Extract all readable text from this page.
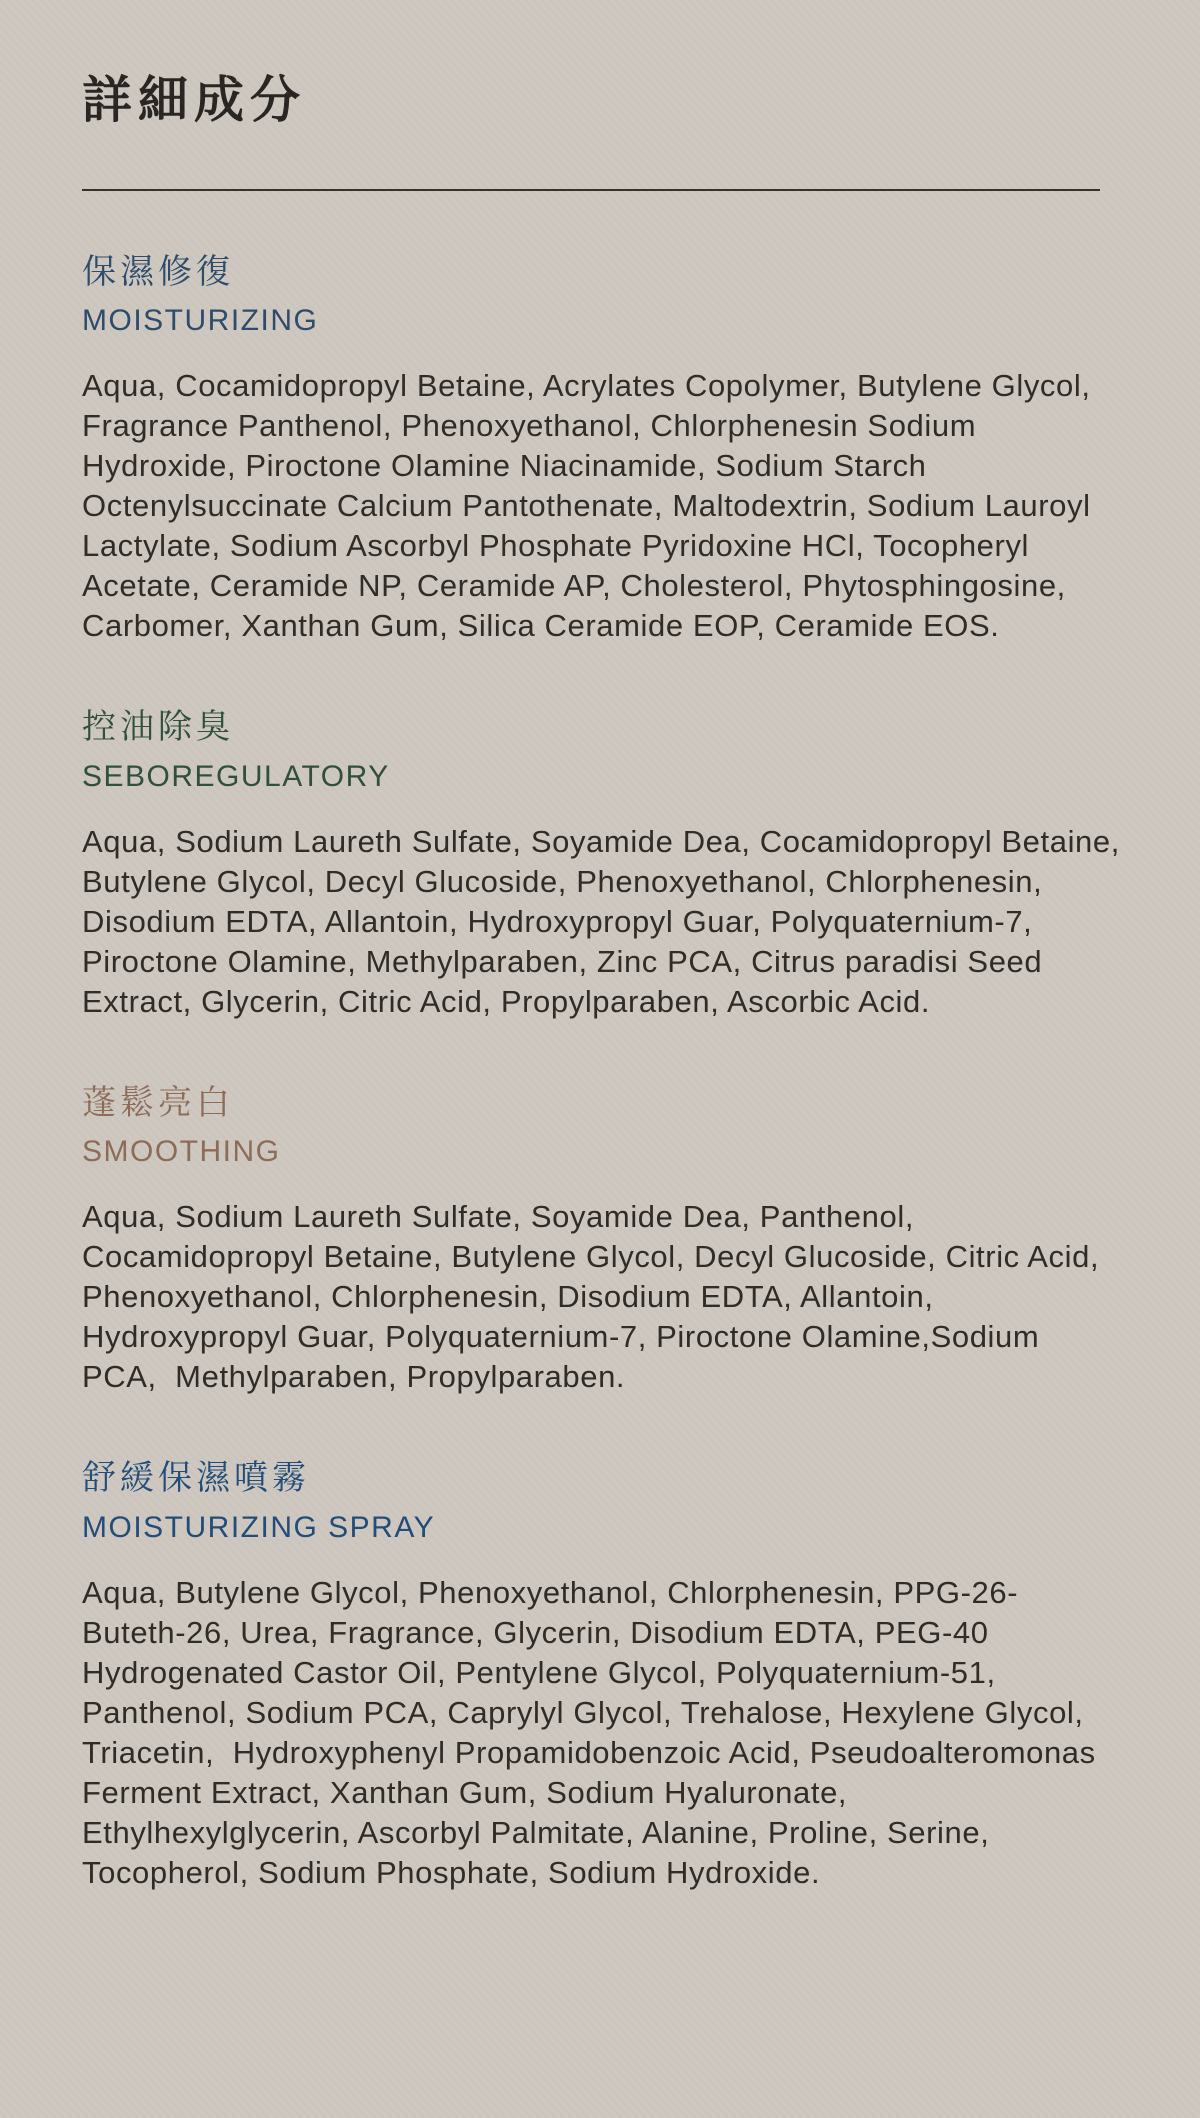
詳細成分
保濕修復
MOISTURIZING

Aqua, Cocamidopropyl Betaine, Acrylates Copolymer, Butylene Glycol, Fragrance Panthenol, Phenoxyethanol, Chlorphenesin Sodium Hydroxide, Piroctone Olamine Niacinamide, Sodium Starch Octenylsuccinate Calcium Pantothenate, Maltodextrin, Sodium Lauroyl Lactylate, Sodium Ascorbyl Phosphate Pyridoxine HCl, Tocopheryl Acetate, Ceramide NP, Ceramide AP, Cholesterol, Phytosphingosine, Carbomer, Xanthan Gum, Silica Ceramide EOP, Ceramide EOS.

控油除臭
SEBOREGULATORY

Aqua, Sodium Laureth Sulfate, Soyamide Dea, Cocamidopropyl Betaine, Butylene Glycol, Decyl Glucoside, Phenoxyethanol, Chlorphenesin, Disodium EDTA, Allantoin, Hydroxypropyl Guar, Polyquaternium-7, Piroctone Olamine, Methylparaben, Zinc PCA, Citrus paradisi Seed Extract, Glycerin, Citric Acid, Propylparaben, Ascorbic Acid.

蓬鬆亮白
SMOOTHING

Aqua, Sodium Laureth Sulfate, Soyamide Dea, Panthenol, Cocamidopropyl Betaine, Butylene Glycol, Decyl Glucoside, Citric Acid, Phenoxyethanol, Chlorphenesin, Disodium EDTA, Allantoin, Hydroxypropyl Guar, Polyquaternium-7, Piroctone Olamine,Sodium PCA,  Methylparaben, Propylparaben.

舒緩保濕噴霧
MOISTURIZING SPRAY

Aqua, Butylene Glycol, Phenoxyethanol, Chlorphenesin, PPG-26-Buteth-26, Urea, Fragrance, Glycerin, Disodium EDTA, PEG-40 Hydrogenated Castor Oil, Pentylene Glycol, Polyquaternium-51, Panthenol, Sodium PCA, Caprylyl Glycol, Trehalose, Hexylene Glycol, Triacetin,  Hydroxyphenyl Propamidobenzoic Acid, Pseudoalteromonas Ferment Extract, Xanthan Gum, Sodium Hyaluronate, Ethylhexylglycerin, Ascorbyl Palmitate, Alanine, Proline, Serine, Tocopherol, Sodium Phosphate, Sodium Hydroxide.
